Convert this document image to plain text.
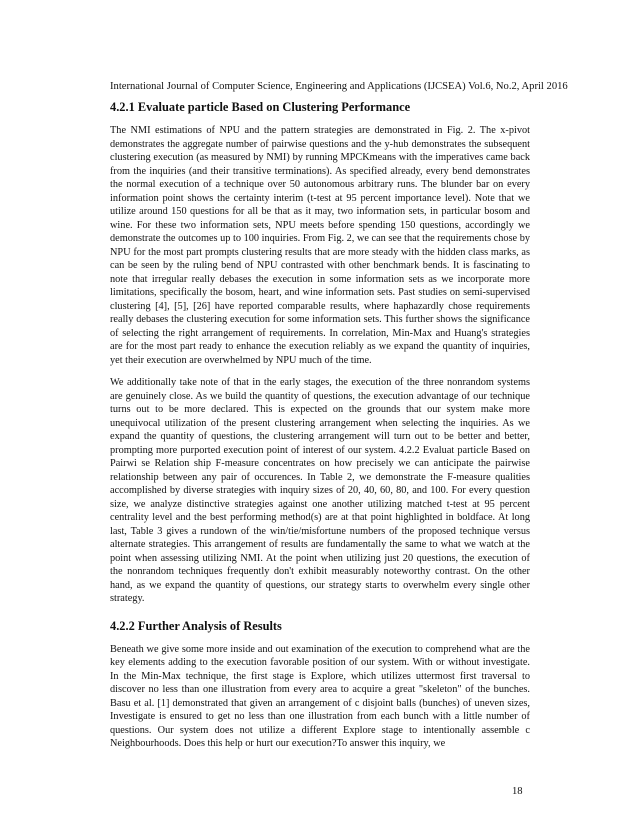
International Journal of Computer Science, Engineering and Applications (IJCSEA) Vol.6, No.2, April 2016
4.2.1 Evaluate particle Based on Clustering Performance

The NMI estimations of NPU and the pattern strategies are demonstrated in Fig. 2. The x-pivot demonstrates the aggregate number of pairwise questions and the y-hub demonstrates the subsequent clustering execution (as measured by NMI) by running MPCKmeans with the imperatives came back from the inquiries (and their transitive terminations). As specified already, every bend demonstrates the normal execution of a technique over 50 autonomous arbitrary runs. The blunder bar on every information point shows the certainty interim (t-test at 95 percent importance level). Note that we utilize around 150 questions for all be that as it may, two information sets, in particular bosom and wine. For these two information sets, NPU meets before spending 150 questions, accordingly we demonstrate the outcomes up to 100 inquiries. From Fig. 2, we can see that the requirements chose by NPU for the most part prompts clustering results that are more steady with the hidden class marks, as can be seen by the ruling bend of NPU contrasted with other benchmark bends. It is fascinating to note that irregular really debases the execution in some information sets as we incorporate more limitations, specifically the bosom, heart, and wine information sets. Past studies on semi-supervised clustering [4], [5], [26] have reported comparable results, where haphazardly chose requirements really debases the clustering execution for some information sets. This further shows the significance of selecting the right arrangement of requirements. In correlation, Min-Max and Huang's strategies are for the most part ready to enhance the execution reliably as we expand the quantity of inquiries, yet their execution are overwhelmed by NPU much of the time.

We additionally take note of that in the early stages, the execution of the three nonrandom systems are genuinely close. As we build the quantity of questions, the execution advantage of our technique turns out to be more declared. This is expected on the grounds that our system make more unequivocal utilization of the present clustering arrangement when selecting the inquiries. As we expand the quantity of questions, the clustering arrangement will turn out to be better and better, prompting more purported execution point of interest of our system. 4.2.2 Evaluat particle Based on Pairwi se Relation ship F-measure concentrates on how precisely we can anticipate the pairwise relationship between any pair of occurences. In Table 2, we demonstrate the F-measure qualities accomplished by diverse strategies with inquiry sizes of 20, 40, 60, 80, and 100. For every question size, we analyze distinctive strategies against one another utilizing matched t-test at 95 percent centrality level and the best performing method(s) are at that point highlighted in boldface. At long last, Table 3 gives a rundown of the win/tie/misfortune numbers of the proposed technique versus alternate strategies. This arrangement of results are fundamentally the same to what we watch at the point when assessing utilizing NMI. At the point when utilizing just 20 questions, the execution of the nonrandom techniques frequently don't exhibit measurably noteworthy contrast. On the other hand, as we expand the quantity of questions, our strategy starts to overwhelm every single other strategy.

4.2.2 Further Analysis of Results

Beneath we give some more inside and out examination of the execution to comprehend what are the key elements adding to the execution favorable position of our system. With or without investigate. In the Min-Max technique, the first stage is Explore, which utilizes uttermost first traversal to discover no less than one illustration from every area to acquire a great "skeleton" of the bunches. Basu et al. [1] demonstrated that given an arrangement of c disjoint balls (bunches) of uneven sizes, Investigate is ensured to get no less than one illustration from each bunch with a little number of questions. Our system does not utilize a different Explore stage to intentionally assemble c Neighbourhoods. Does this help or hurt our execution?To answer this inquiry, we

18
